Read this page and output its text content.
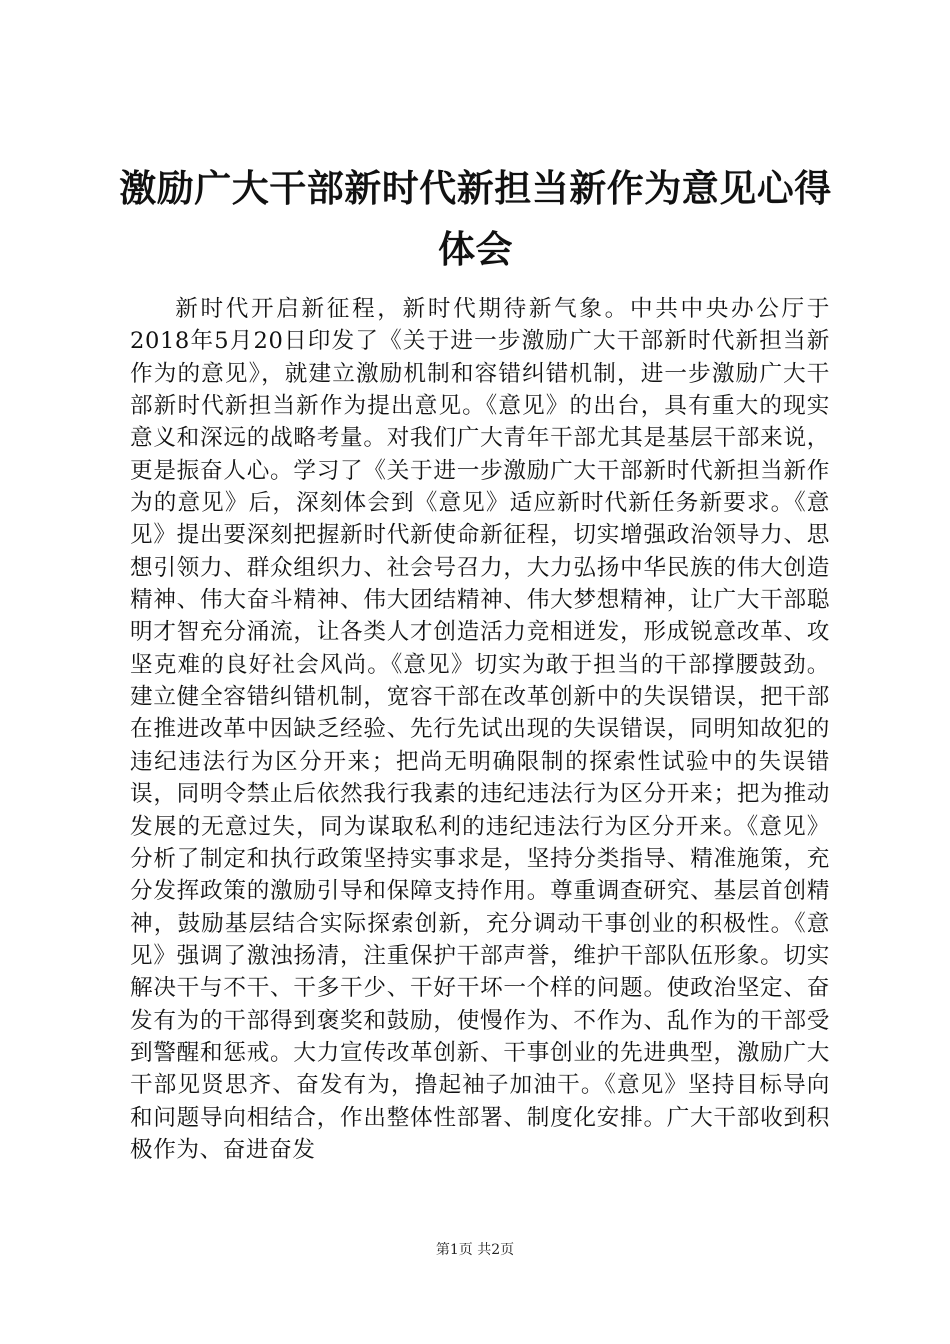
激励广大干部新时代新担当新作为意见心得体会

新时代开启新征程，新时代期待新气象。中共中央办公厅于2018年5月20日印发了《关于进一步激励广大干部新时代新担当新作为的意见》，就建立激励机制和容错纠错机制，进一步激励广大干部新时代新担当新作为提出意见。《意见》的出台，具有重大的现实意义和深远的战略考量。对我们广大青年干部尤其是基层干部来说，更是振奋人心。学习了《关于进一步激励广大干部新时代新担当新作为的意见》后，深刻体会到《意见》适应新时代新任务新要求。《意见》提出要深刻把握新时代新使命新征程，切实增强政治领导力、思想引领力、群众组织力、社会号召力，大力弘扬中华民族的伟大创造精神、伟大奋斗精神、伟大团结精神、伟大梦想精神，让广大干部聪明才智充分涌流，让各类人才创造活力竞相迸发，形成锐意改革、攻坚克难的良好社会风尚。《意见》切实为敢于担当的干部撑腰鼓劲。建立健全容错纠错机制，宽容干部在改革创新中的失误错误，把干部在推进改革中因缺乏经验、先行先试出现的失误错误，同明知故犯的违纪违法行为区分开来；把尚无明确限制的探索性试验中的失误错误，同明令禁止后依然我行我素的违纪违法行为区分开来；把为推动发展的无意过失，同为谋取私利的违纪违法行为区分开来。《意见》分析了制定和执行政策坚持实事求是，坚持分类指导、精准施策，充分发挥政策的激励引导和保障支持作用。尊重调查研究、基层首创精神，鼓励基层结合实际探索创新，充分调动干事创业的积极性。《意见》强调了激浊扬清，注重保护干部声誉，维护干部队伍形象。切实解决干与不干、干多干少、干好干坏一个样的问题。使政治坚定、奋发有为的干部得到褒奖和鼓励，使慢作为、不作为、乱作为的干部受到警醒和惩戒。大力宣传改革创新、干事创业的先进典型，激励广大干部见贤思齐、奋发有为，撸起袖子加油干。《意见》坚持目标导向和问题导向相结合，作出整体性部署、制度化安排。广大干部收到积极作为、奋进奋发

第1页 共2页
